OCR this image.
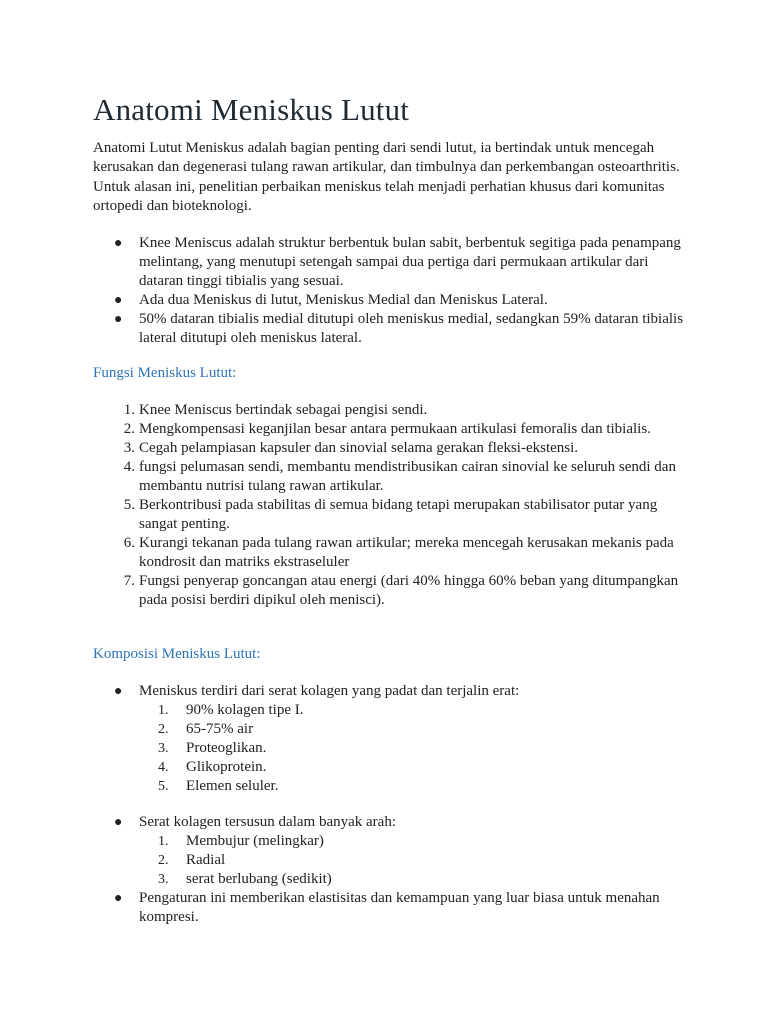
Anatomi Meniskus Lutut

Anatomi Lutut Meniskus adalah bagian penting dari sendi lutut, ia bertindak untuk mencegah kerusakan dan degenerasi tulang rawan artikular, dan timbulnya dan perkembangan osteoarthritis. Untuk alasan ini, penelitian perbaikan meniskus telah menjadi perhatian khusus dari komunitas ortopedi dan bioteknologi.

●	Knee Meniscus adalah struktur berbentuk bulan sabit, berbentuk segitiga pada penampang melintang, yang menutupi setengah sampai dua pertiga dari permukaan artikular dari dataran tinggi tibialis yang sesuai.
●	Ada dua Meniskus di lutut, Meniskus Medial dan Meniskus Lateral.
●	50% dataran tibialis medial ditutupi oleh meniskus medial, sedangkan 59% dataran tibialis lateral ditutupi oleh meniskus lateral.
Fungsi Meniskus Lutut:
1. Knee Meniscus bertindak sebagai pengisi sendi.
2. Mengkompensasi keganjilan besar antara permukaan artikulasi femoralis dan tibialis.
3. Cegah pelampiasan kapsuler dan sinovial selama gerakan fleksi-ekstensi.
4. fungsi pelumasan sendi, membantu mendistribusikan cairan sinovial ke seluruh sendi dan membantu nutrisi tulang rawan artikular.
5. Berkontribusi pada stabilitas di semua bidang tetapi merupakan stabilisator putar yang sangat penting.
6. Kurangi tekanan pada tulang rawan artikular; mereka mencegah kerusakan mekanis pada kondrosit dan matriks ekstraseluler
7. Fungsi penyerap goncangan atau energi (dari 40% hingga 60% beban yang ditumpangkan pada posisi berdiri dipikul oleh menisci).
Komposisi Meniskus Lutut:
●	Meniskus terdiri dari serat kolagen yang padat dan terjalin erat:
1.	90% kolagen tipe I.
2.	65-75% air
3.	Proteoglikan.
4.	Glikoprotein.
5.	Elemen seluler.
●	Serat kolagen tersusun dalam banyak arah:
1.	Membujur (melingkar)
2.	Radial
3.	serat berlubang (sedikit)
●	Pengaturan ini memberikan elastisitas dan kemampuan yang luar biasa untuk menahan kompresi.
